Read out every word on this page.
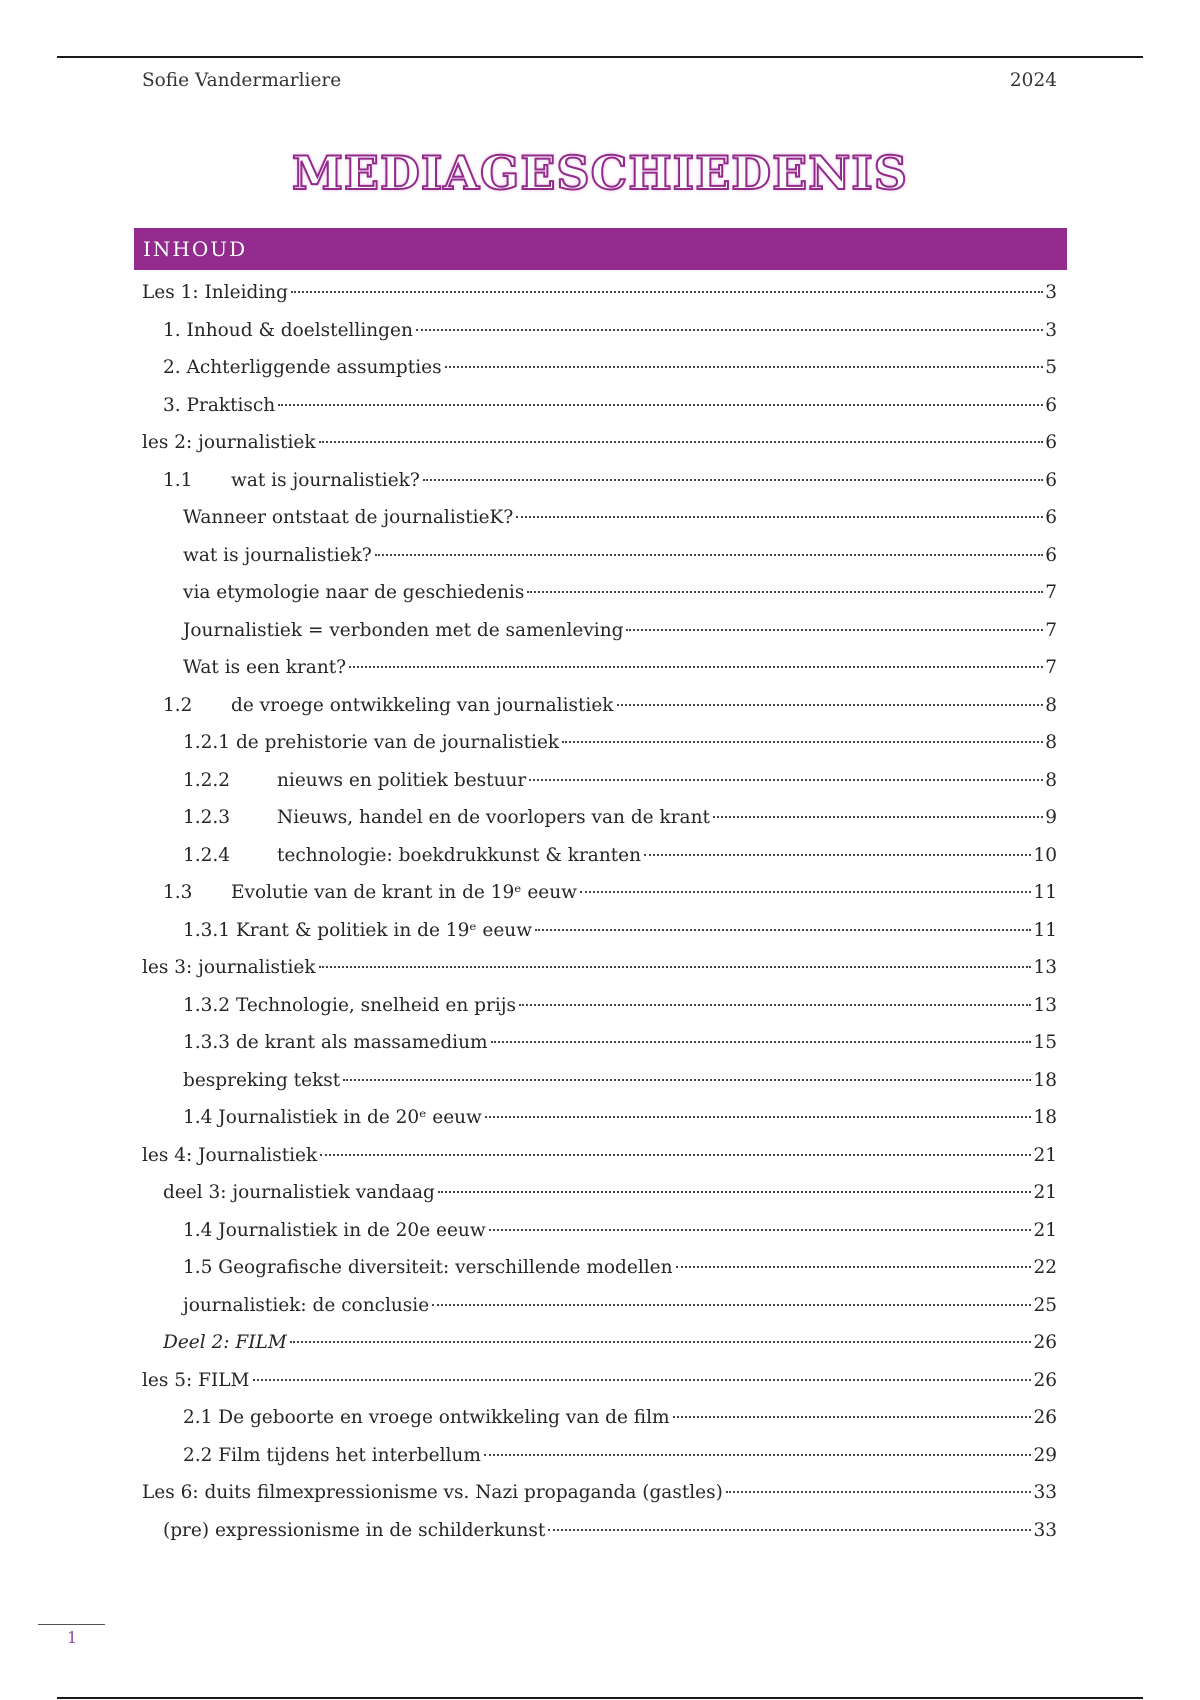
Sofie Vandermarliere	2024
MEDIAGESCHIEDENIS
INHOUD
Les 1: Inleiding	3
1. Inhoud & doelstellingen	3
2. Achterliggende assumpties	5
3. Praktisch	6
les 2: journalistiek	6
1.1	wat is journalistiek?	6
Wanneer ontstaat de journalistieK?	6
wat is journalistiek?	6
via etymologie naar de geschiedenis	7
Journalistiek = verbonden met de samenleving	7
Wat is een krant?	7
1.2	de vroege ontwikkeling van journalistiek	8
1.2.1 de prehistorie van de journalistiek	8
1.2.2	nieuws en politiek bestuur	8
1.2.3	Nieuws, handel en de voorlopers van de krant	9
1.2.4	technologie: boekdrukkunst & kranten	10
1.3	Evolutie van de krant in de 19ᵉ eeuw	11
1.3.1 Krant & politiek in de 19ᵉ eeuw	11
les 3: journalistiek	13
1.3.2 Technologie, snelheid en prijs	13
1.3.3 de krant als massamedium	15
bespreking tekst	18
1.4 Journalistiek in de 20ᵉ eeuw	18
les 4: Journalistiek	21
deel 3: journalistiek vandaag	21
1.4 Journalistiek in de 20e eeuw	21
1.5 Geografische diversiteit: verschillende modellen	22
journalistiek: de conclusie	25
Deel 2: FILM	26
les 5: FILM	26
2.1 De geboorte en vroege ontwikkeling van de film	26
2.2 Film tijdens het interbellum	29
Les 6: duits filmexpressionisme vs. Nazi propaganda (gastles)	33
(pre) expressionisme in de schilderkunst	33
1
